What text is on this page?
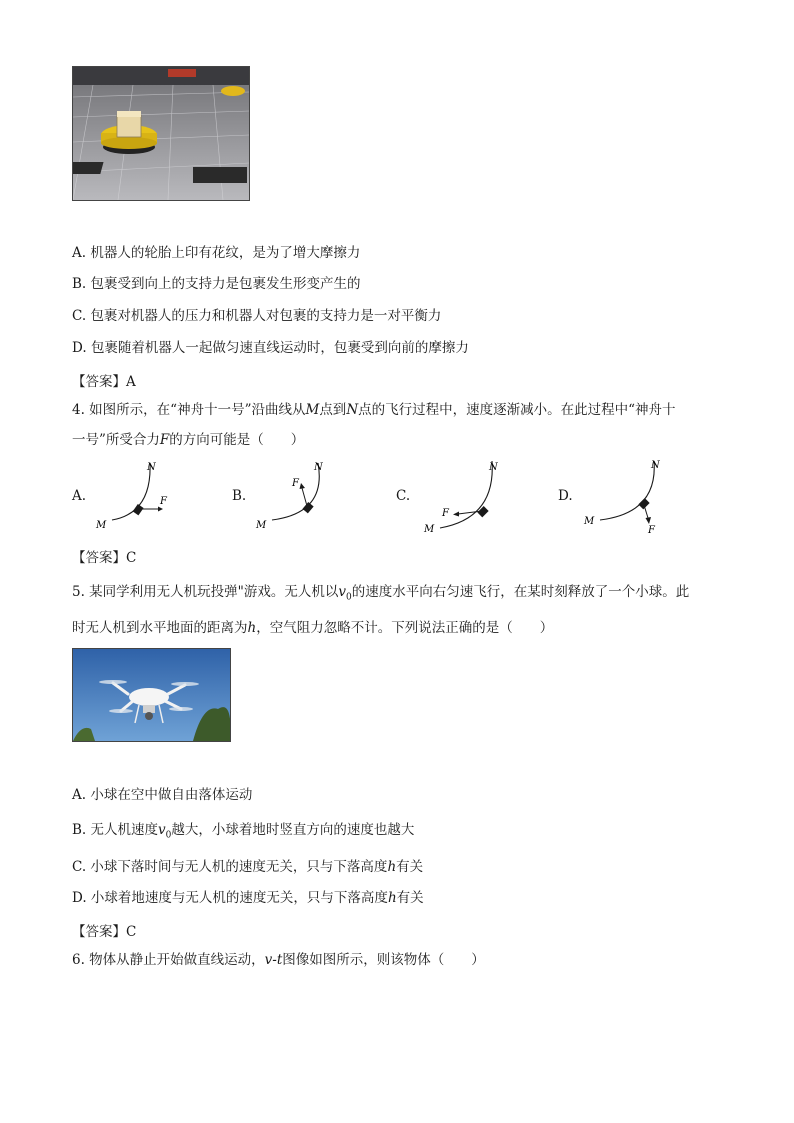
A. 机器人的轮胎上印有花纹，是为了增大摩擦力
B. 包裹受到向上的支持力是包裹发生形变产生的
C. 包裹对机器人的压力和机器人对包裹的支持力是一对平衡力
D. 包裹随着机器人一起做匀速直线运动时，包裹受到向前的摩擦力
【答案】A
4. 如图所示，在“神舟十一号”沿曲线从M点到N点的飞行过程中，速度逐渐减小。在此过程中“神舟十
一号”所受合力F的方向可能是（　　）
A.
M
N
F	B.
M
N
F
C.
M
N
F
D.
M
N
F
【答案】C
5. 某同学利用无人机玩投弹"游戏。无人机以$v_0$的速度水平向右匀速飞行，在某时刻释放了一个小球。此
时无人机到水平地面的距离为h，空气阻力忽略不计。下列说法正确的是（　　）
A. 小球在空中做自由落体运动
B. 无人机速度$v_0$越大，小球着地时竖直方向的速度也越大
C. 小球下落时间与无人机的速度无关，只与下落高度h有关
D. 小球着地速度与无人机的速度无关，只与下落高度h有关
【答案】C
6. 物体从静止开始做直线运动，v-t图像如图所示，则该物体（　　）
